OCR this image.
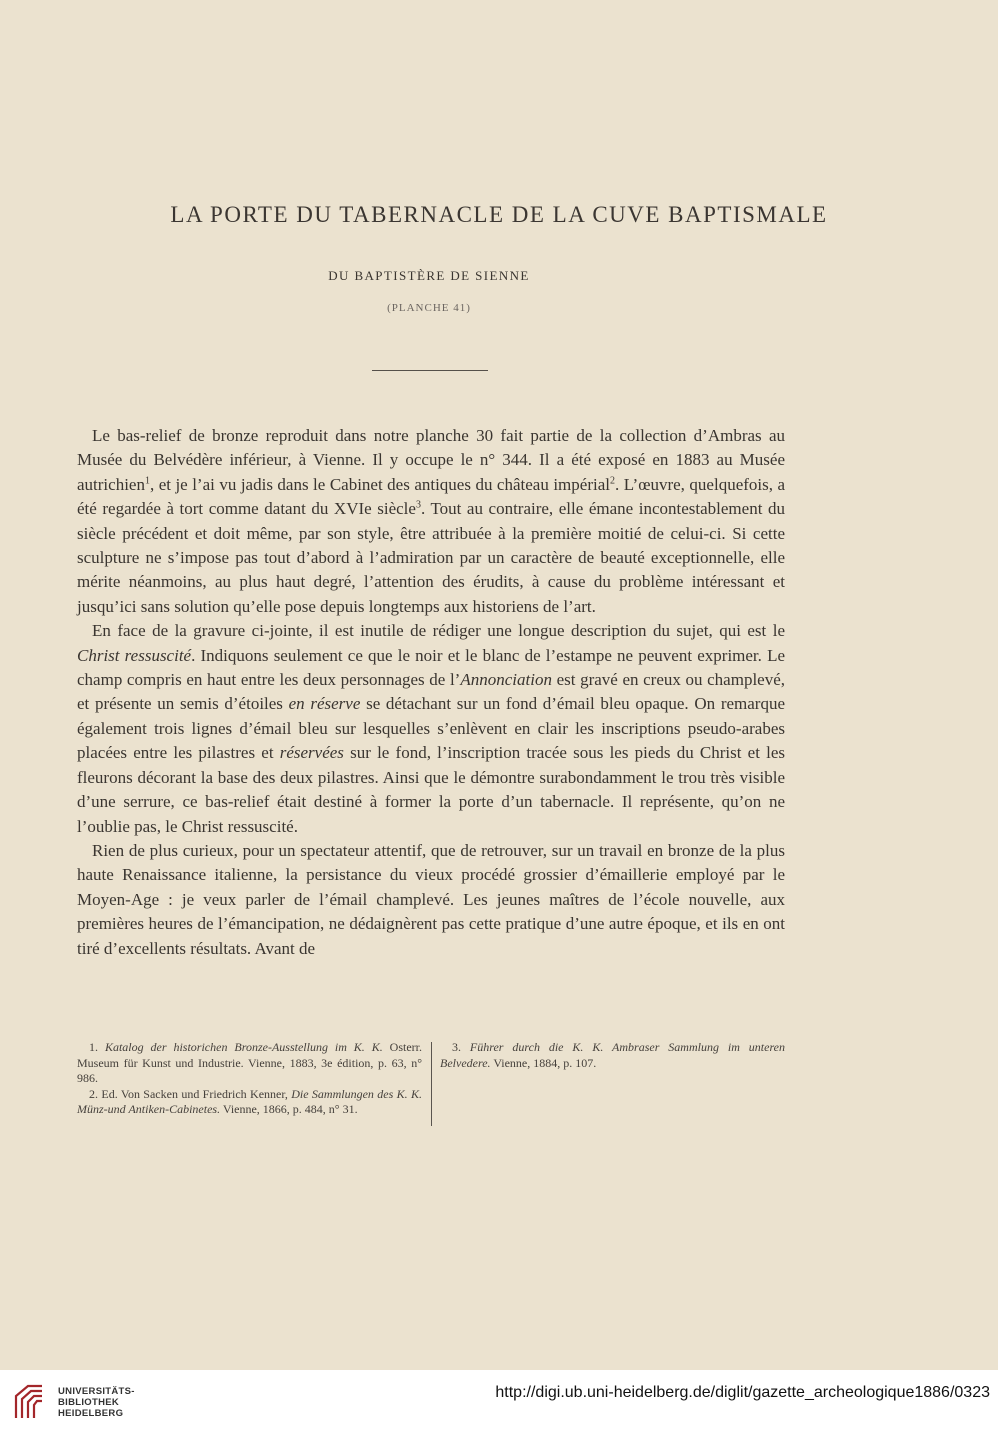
LA PORTE DU TABERNACLE DE LA CUVE BAPTISMALE
DU BAPTISTÈRE DE SIENNE
(PLANCHE 41)

Le bas-relief de bronze reproduit dans notre planche 30 fait partie de la collection d’Ambras au Musée du Belvédère inférieur, à Vienne. Il y occupe le n° 344. Il a été exposé en 1883 au Musée autrichien$^1$, et je l’ai vu jadis dans le Cabinet des antiques du château impérial$^2$. L’œuvre, quelquefois, a été regardée à tort comme datant du XVIe siècle$^3$. Tout au contraire, elle émane incontestablement du siècle précédent et doit même, par son style, être attribuée à la première moitié de celui-ci. Si cette sculpture ne s’impose pas tout d’abord à l’admiration par un caractère de beauté exceptionnelle, elle mérite néanmoins, au plus haut degré, l’attention des érudits, à cause du problème intéressant et jusqu’ici sans solution qu’elle pose depuis longtemps aux historiens de l’art.

En face de la gravure ci-jointe, il est inutile de rédiger une longue description du sujet, qui est le Christ ressuscité. Indiquons seulement ce que le noir et le blanc de l’estampe ne peuvent exprimer. Le champ compris en haut entre les deux personnages de l’Annonciation est gravé en creux ou champlevé, et présente un semis d’étoiles en réserve se détachant sur un fond d’émail bleu opaque. On remarque également trois lignes d’émail bleu sur lesquelles s’enlèvent en clair les inscriptions pseudo-arabes placées entre les pilastres et réservées sur le fond, l’inscription tracée sous les pieds du Christ et les fleurons décorant la base des deux pilastres. Ainsi que le démontre surabondamment le trou très visible d’une serrure, ce bas-relief était destiné à former la porte d’un tabernacle. Il représente, qu’on ne l’oublie pas, le Christ ressuscité.

Rien de plus curieux, pour un spectateur attentif, que de retrouver, sur un travail en bronze de la plus haute Renaissance italienne, la persistance du vieux procédé grossier d’émaillerie employé par le Moyen-Age : je veux parler de l’émail champlevé. Les jeunes maîtres de l’école nouvelle, aux premières heures de l’émancipation, ne dédaignèrent pas cette pratique d’une autre époque, et ils en ont tiré d’excellents résultats. Avant de

1. Katalog der historichen Bronze-Ausstellung im K. K. Osterr. Museum für Kunst und Industrie. Vienne, 1883, 3e édition, p. 63, n° 986.

2. Ed. Von Sacken und Friedrich Kenner, Die Sammlungen des K. K. Münz-und Antiken-Cabinetes. Vienne, 1866, p. 484, n° 31.

3. Führer durch die K. K. Ambraser Sammlung im unteren Belvedere. Vienne, 1884, p. 107.

UNIVERSITÄTS-
BIBLIOTHEK
HEIDELBERG
http://digi.ub.uni-heidelberg.de/diglit/gazette_archeologique1886/0323
